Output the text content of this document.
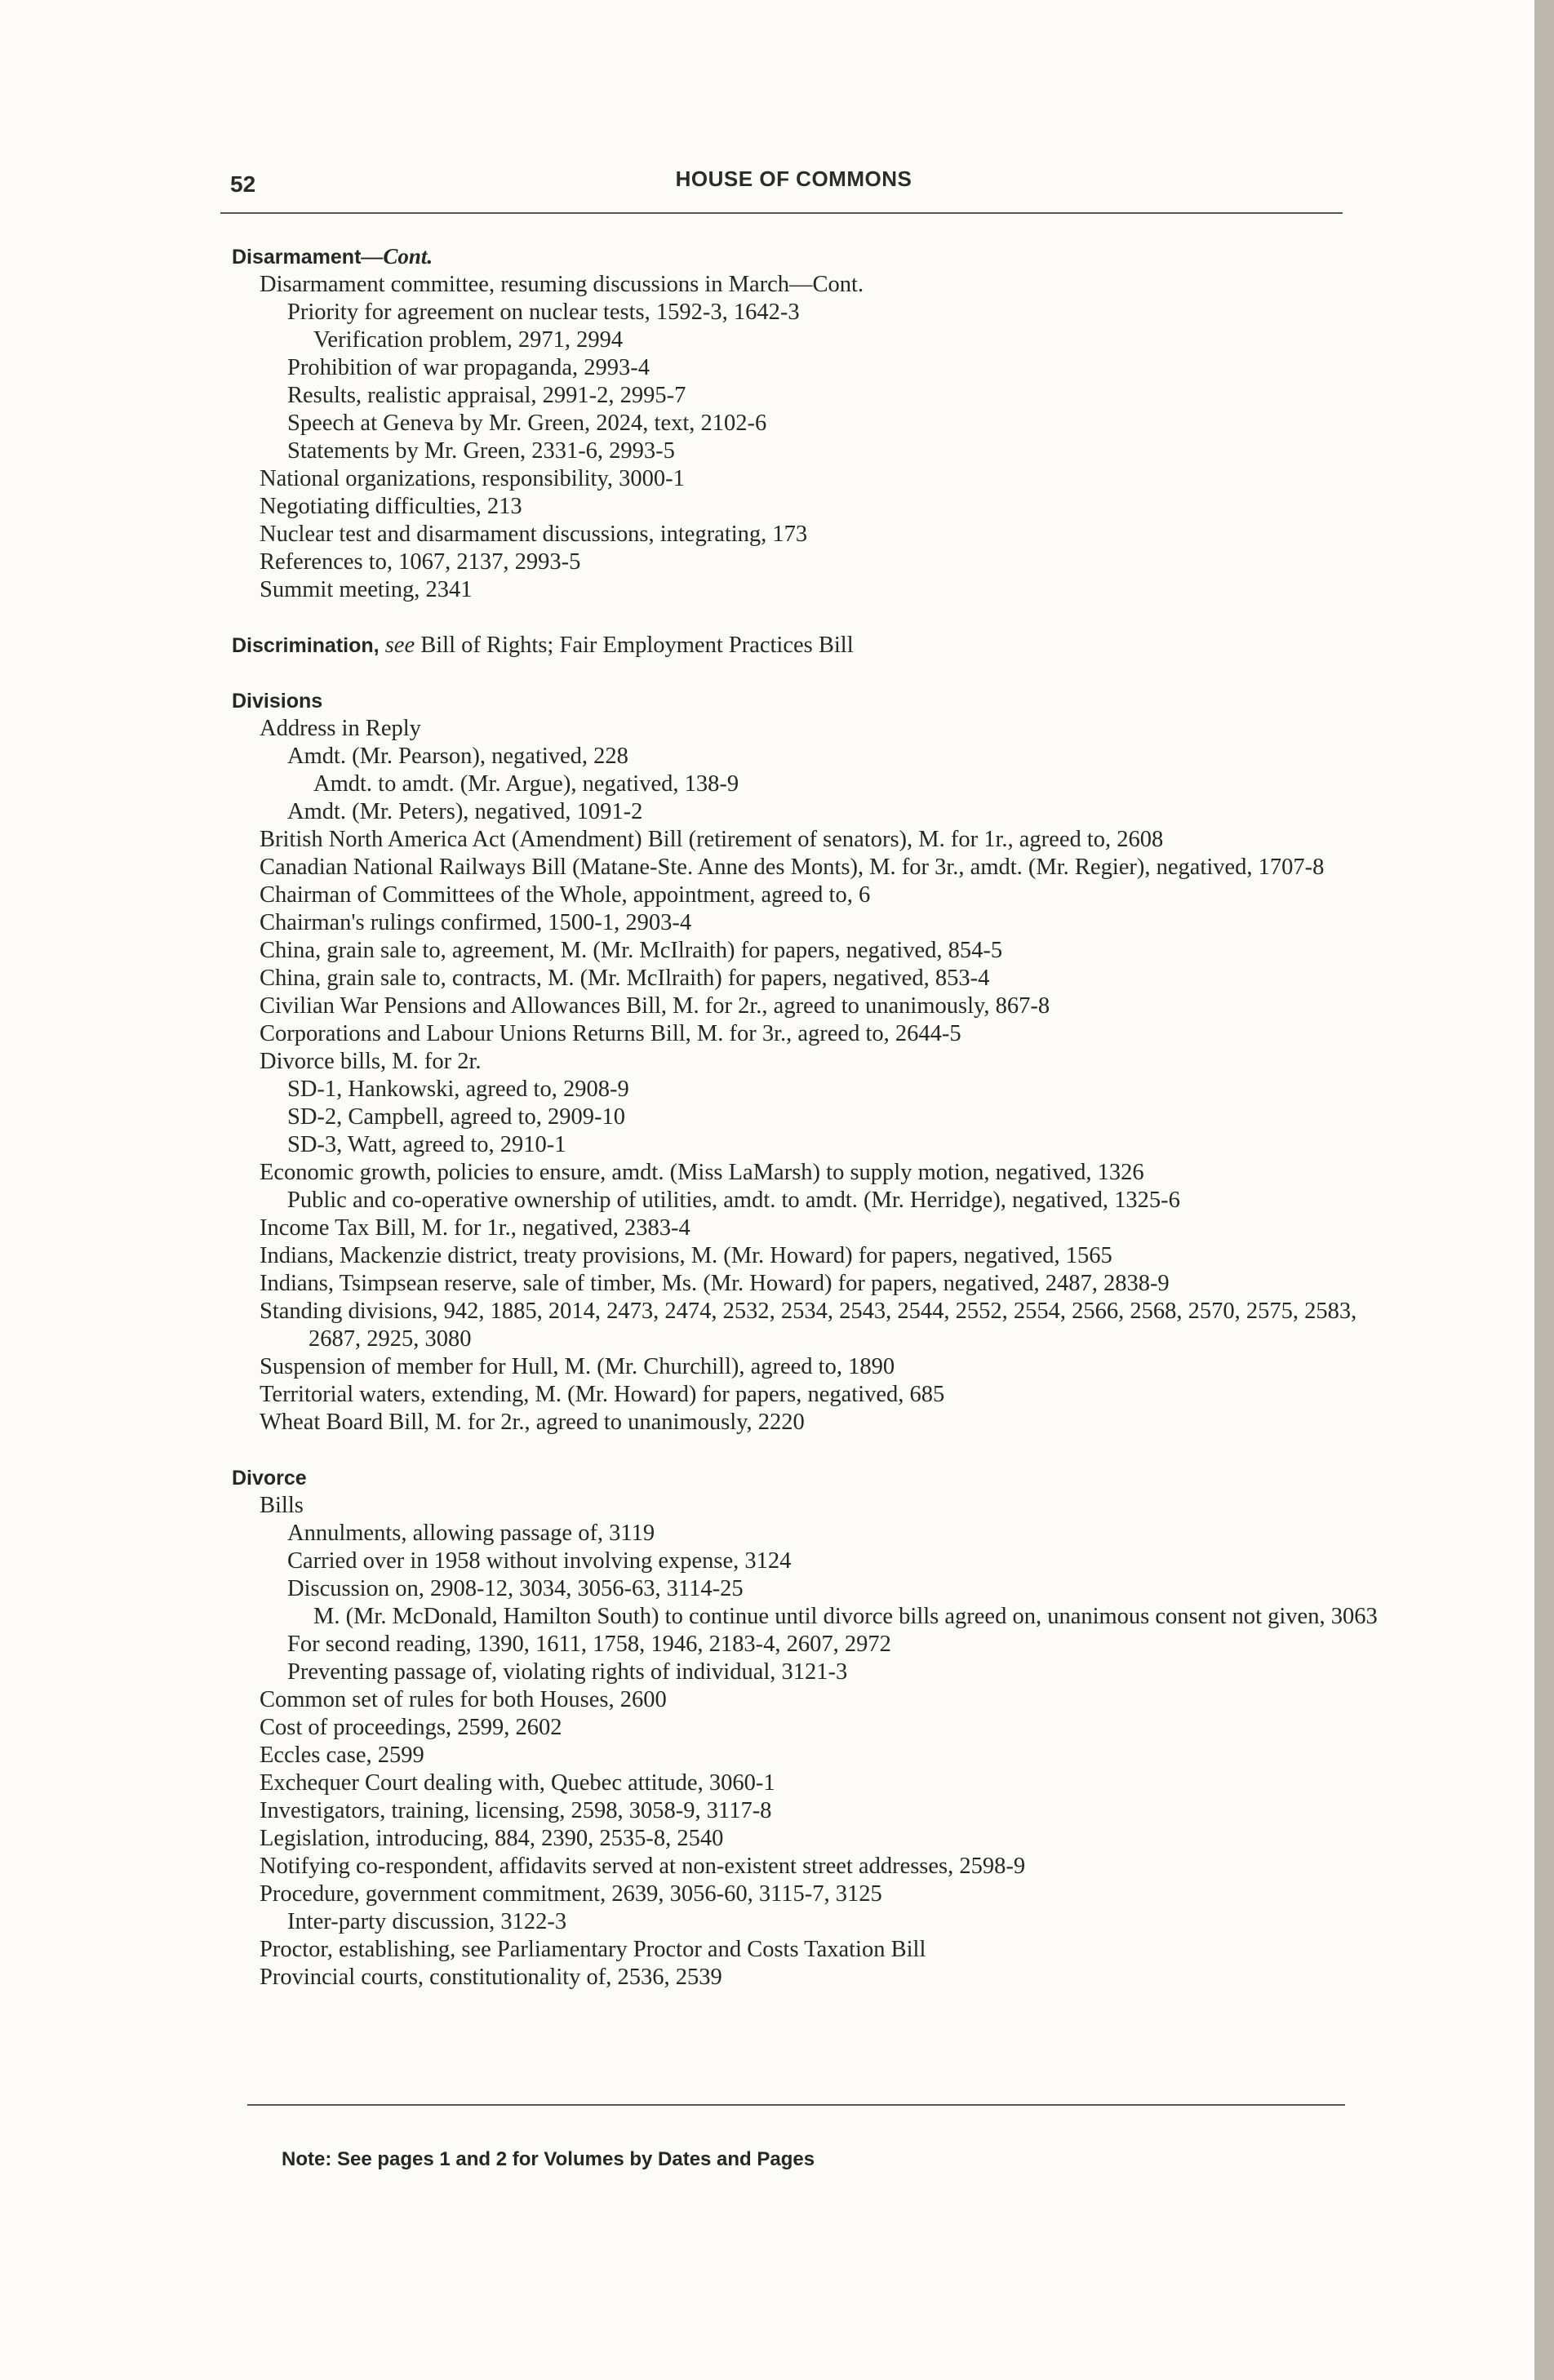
52	HOUSE OF COMMONS
Disarmament—Cont.
Disarmament committee, resuming discussions in March—Cont.
Priority for agreement on nuclear tests, 1592-3, 1642-3
Verification problem, 2971, 2994
Prohibition of war propaganda, 2993-4
Results, realistic appraisal, 2991-2, 2995-7
Speech at Geneva by Mr. Green, 2024, text, 2102-6
Statements by Mr. Green, 2331-6, 2993-5
National organizations, responsibility, 3000-1
Negotiating difficulties, 213
Nuclear test and disarmament discussions, integrating, 173
References to, 1067, 2137, 2993-5
Summit meeting, 2341
Discrimination, see Bill of Rights; Fair Employment Practices Bill
Divisions
Address in Reply
Amdt. (Mr. Pearson), negatived, 228
Amdt. to amdt. (Mr. Argue), negatived, 138-9
Amdt. (Mr. Peters), negatived, 1091-2
British North America Act (Amendment) Bill (retirement of senators), M. for 1r., agreed to, 2608
Canadian National Railways Bill (Matane-Ste. Anne des Monts), M. for 3r., amdt. (Mr. Regier), negatived, 1707-8
Chairman of Committees of the Whole, appointment, agreed to, 6
Chairman's rulings confirmed, 1500-1, 2903-4
China, grain sale to, agreement, M. (Mr. McIlraith) for papers, negatived, 854-5
China, grain sale to, contracts, M. (Mr. McIlraith) for papers, negatived, 853-4
Civilian War Pensions and Allowances Bill, M. for 2r., agreed to unanimously, 867-8
Corporations and Labour Unions Returns Bill, M. for 3r., agreed to, 2644-5
Divorce bills, M. for 2r.
SD-1, Hankowski, agreed to, 2908-9
SD-2, Campbell, agreed to, 2909-10
SD-3, Watt, agreed to, 2910-1
Economic growth, policies to ensure, amdt. (Miss LaMarsh) to supply motion, negatived, 1326
Public and co-operative ownership of utilities, amdt. to amdt. (Mr. Herridge), negatived, 1325-6
Income Tax Bill, M. for 1r., negatived, 2383-4
Indians, Mackenzie district, treaty provisions, M. (Mr. Howard) for papers, negatived, 1565
Indians, Tsimpsean reserve, sale of timber, Ms. (Mr. Howard) for papers, negatived, 2487, 2838-9
Standing divisions, 942, 1885, 2014, 2473, 2474, 2532, 2534, 2543, 2544, 2552, 2554, 2566, 2568, 2570, 2575, 2583, 2687, 2925, 3080
Suspension of member for Hull, M. (Mr. Churchill), agreed to, 1890
Territorial waters, extending, M. (Mr. Howard) for papers, negatived, 685
Wheat Board Bill, M. for 2r., agreed to unanimously, 2220
Divorce
Bills
Annulments, allowing passage of, 3119
Carried over in 1958 without involving expense, 3124
Discussion on, 2908-12, 3034, 3056-63, 3114-25
M. (Mr. McDonald, Hamilton South) to continue until divorce bills agreed on, unanimous consent not given, 3063
For second reading, 1390, 1611, 1758, 1946, 2183-4, 2607, 2972
Preventing passage of, violating rights of individual, 3121-3
Common set of rules for both Houses, 2600
Cost of proceedings, 2599, 2602
Eccles case, 2599
Exchequer Court dealing with, Quebec attitude, 3060-1
Investigators, training, licensing, 2598, 3058-9, 3117-8
Legislation, introducing, 884, 2390, 2535-8, 2540
Notifying co-respondent, affidavits served at non-existent street addresses, 2598-9
Procedure, government commitment, 2639, 3056-60, 3115-7, 3125
Inter-party discussion, 3122-3
Proctor, establishing, see Parliamentary Proctor and Costs Taxation Bill
Provincial courts, constitutionality of, 2536, 2539
Note: See pages 1 and 2 for Volumes by Dates and Pages
